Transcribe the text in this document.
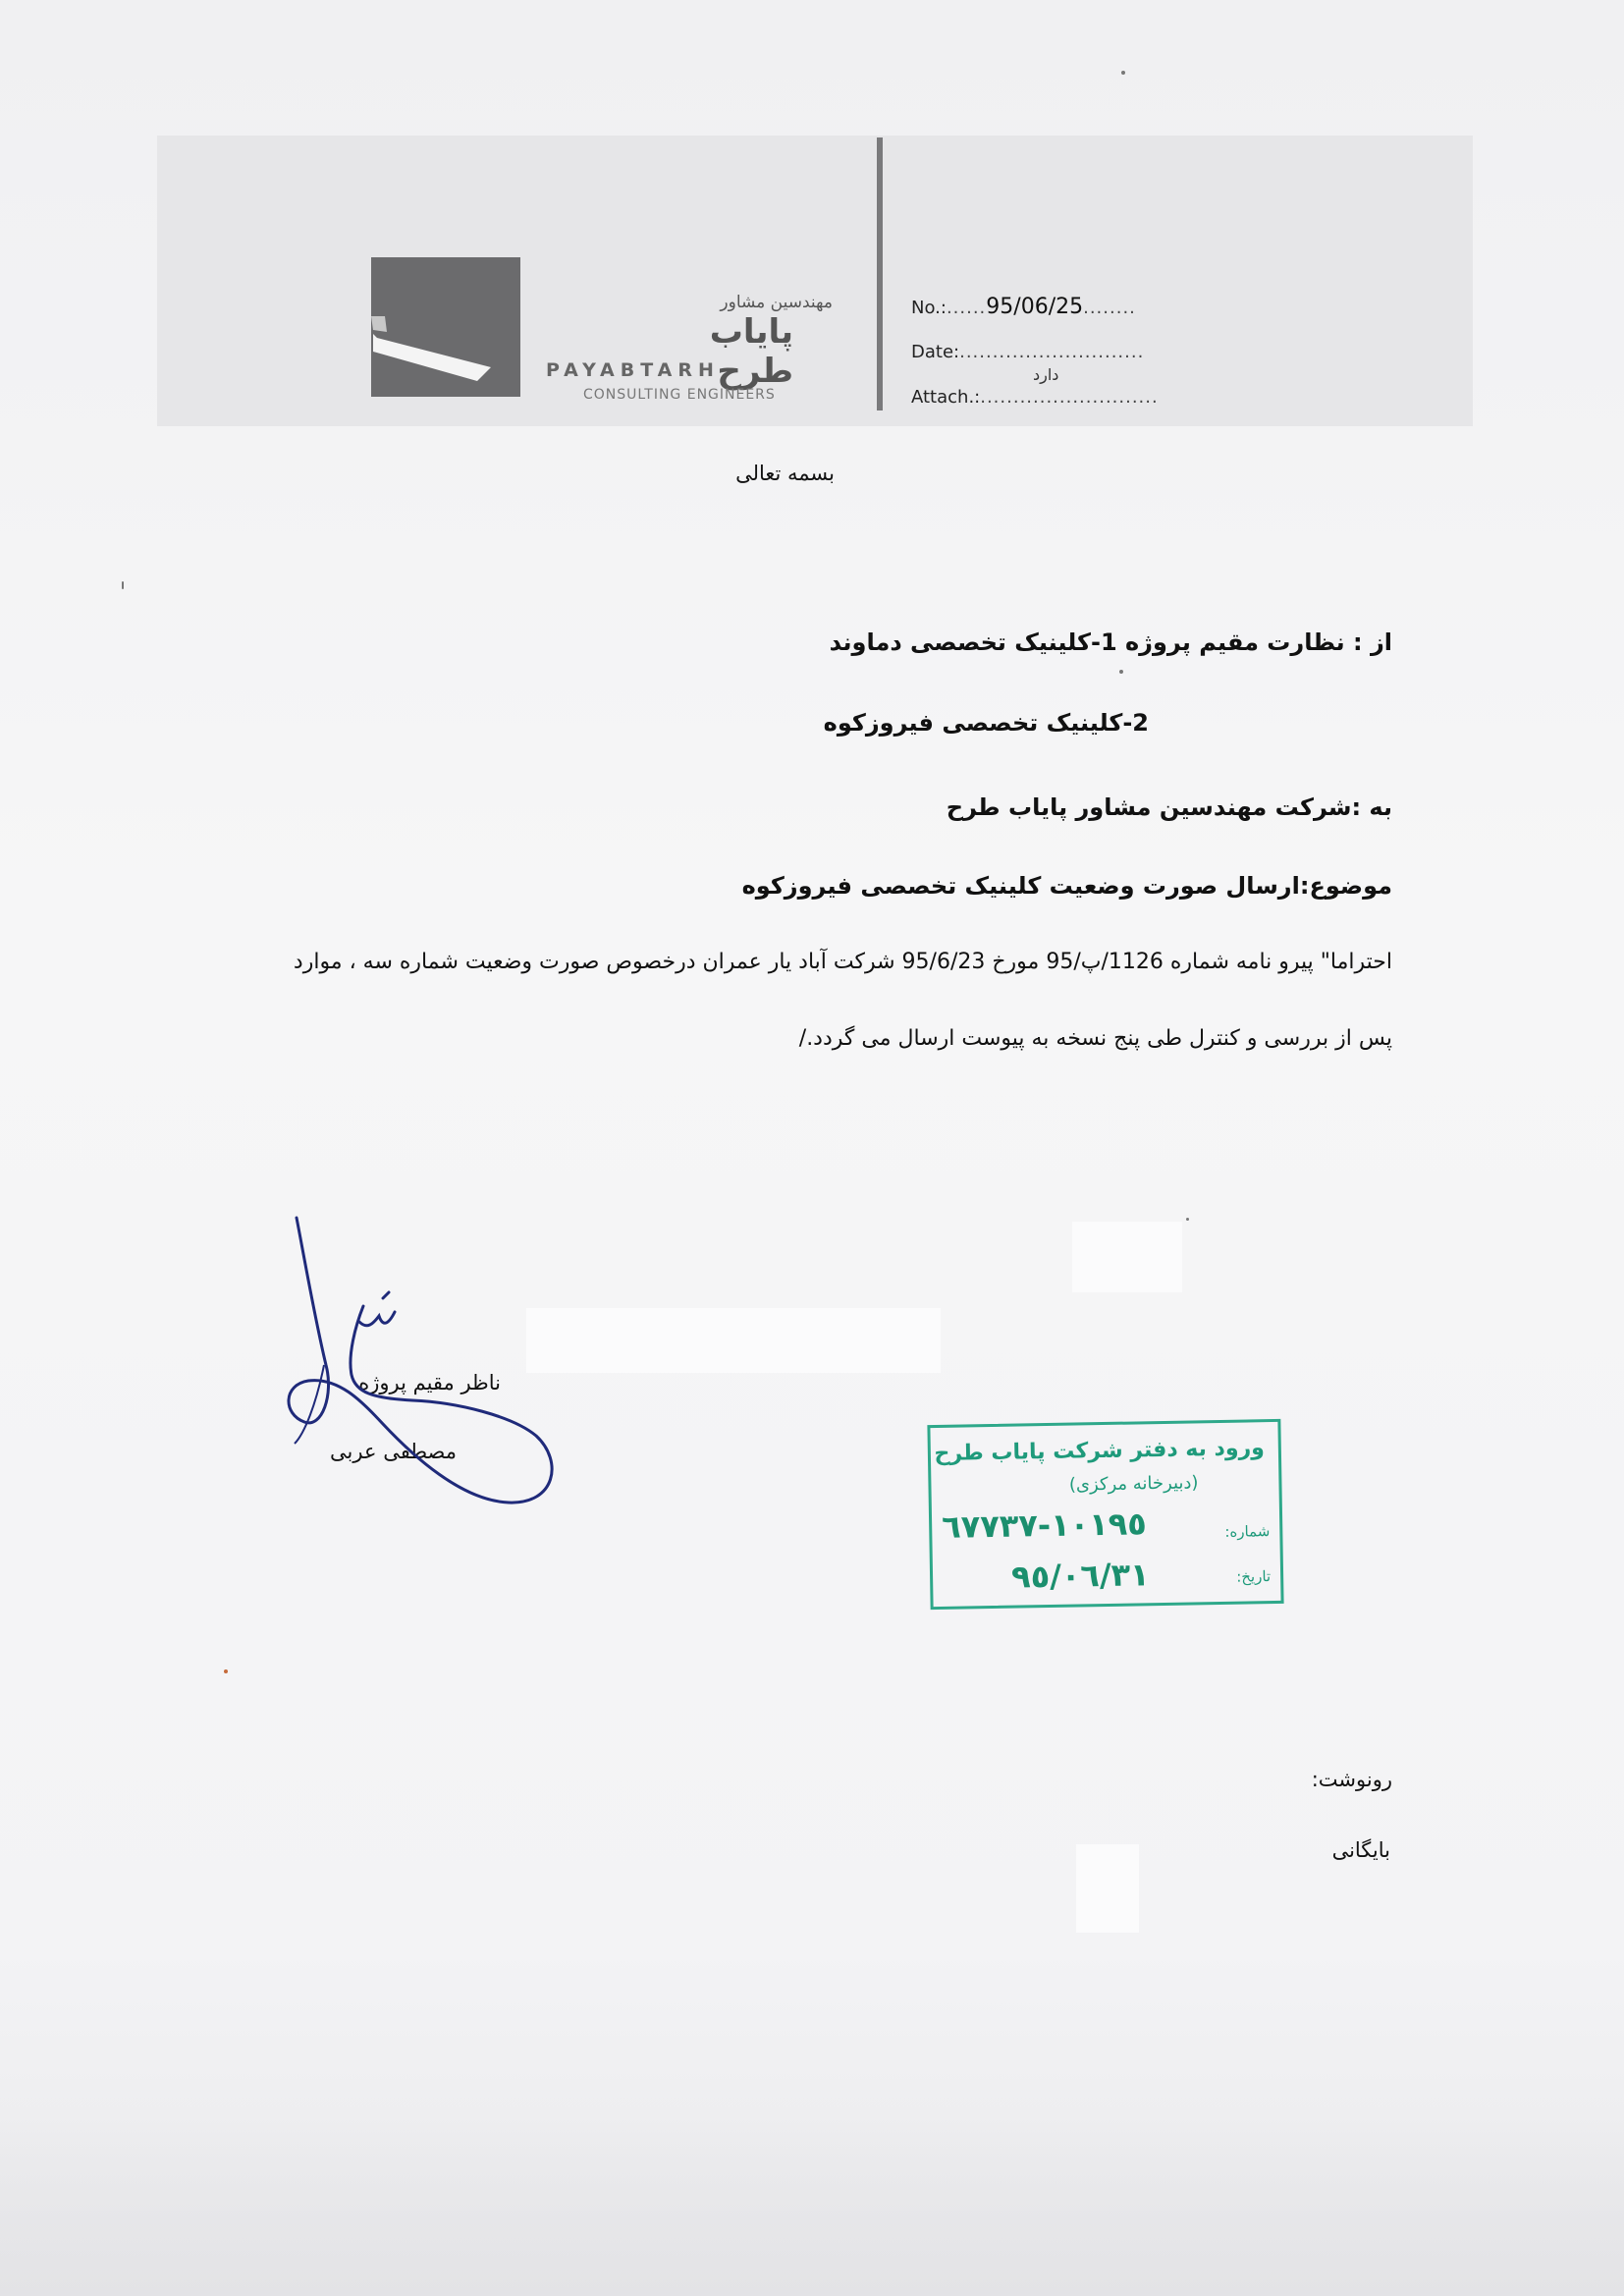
مهندسین مشاور
پایاب طرح
PAYABTARH
CONSULTING ENGINEERS
No.:......95/06/25........
Date:............................
دارد
Attach.:...........................
بسمه تعالی
از : نظارت مقیم پروژه 1-کلینیک تخصصی دماوند
2-کلینیک تخصصی فیروزکوه
به :شرکت مهندسین مشاور پایاب طرح
موضوع:ارسال صورت وضعیت کلینیک تخصصی فیروزکوه
احتراما" پیرو نامه شماره 1126/پ/95 مورخ 95/6/23 شرکت آباد یار عمران درخصوص صورت وضعیت شماره سه ، موارد
پس از بررسی و کنترل طی پنج نسخه به پیوست ارسال می گردد./
ناظر مقیم پروژه
مصطفی عربی	ورود به دفتر شرکت پایاب طرح
(دبیرخانه مرکزی)
شماره:
١٠١٩٥-٦٧٧٣٧
تاریخ:
٩٥/٠٦/٣١
رونوشت:
بایگانی
